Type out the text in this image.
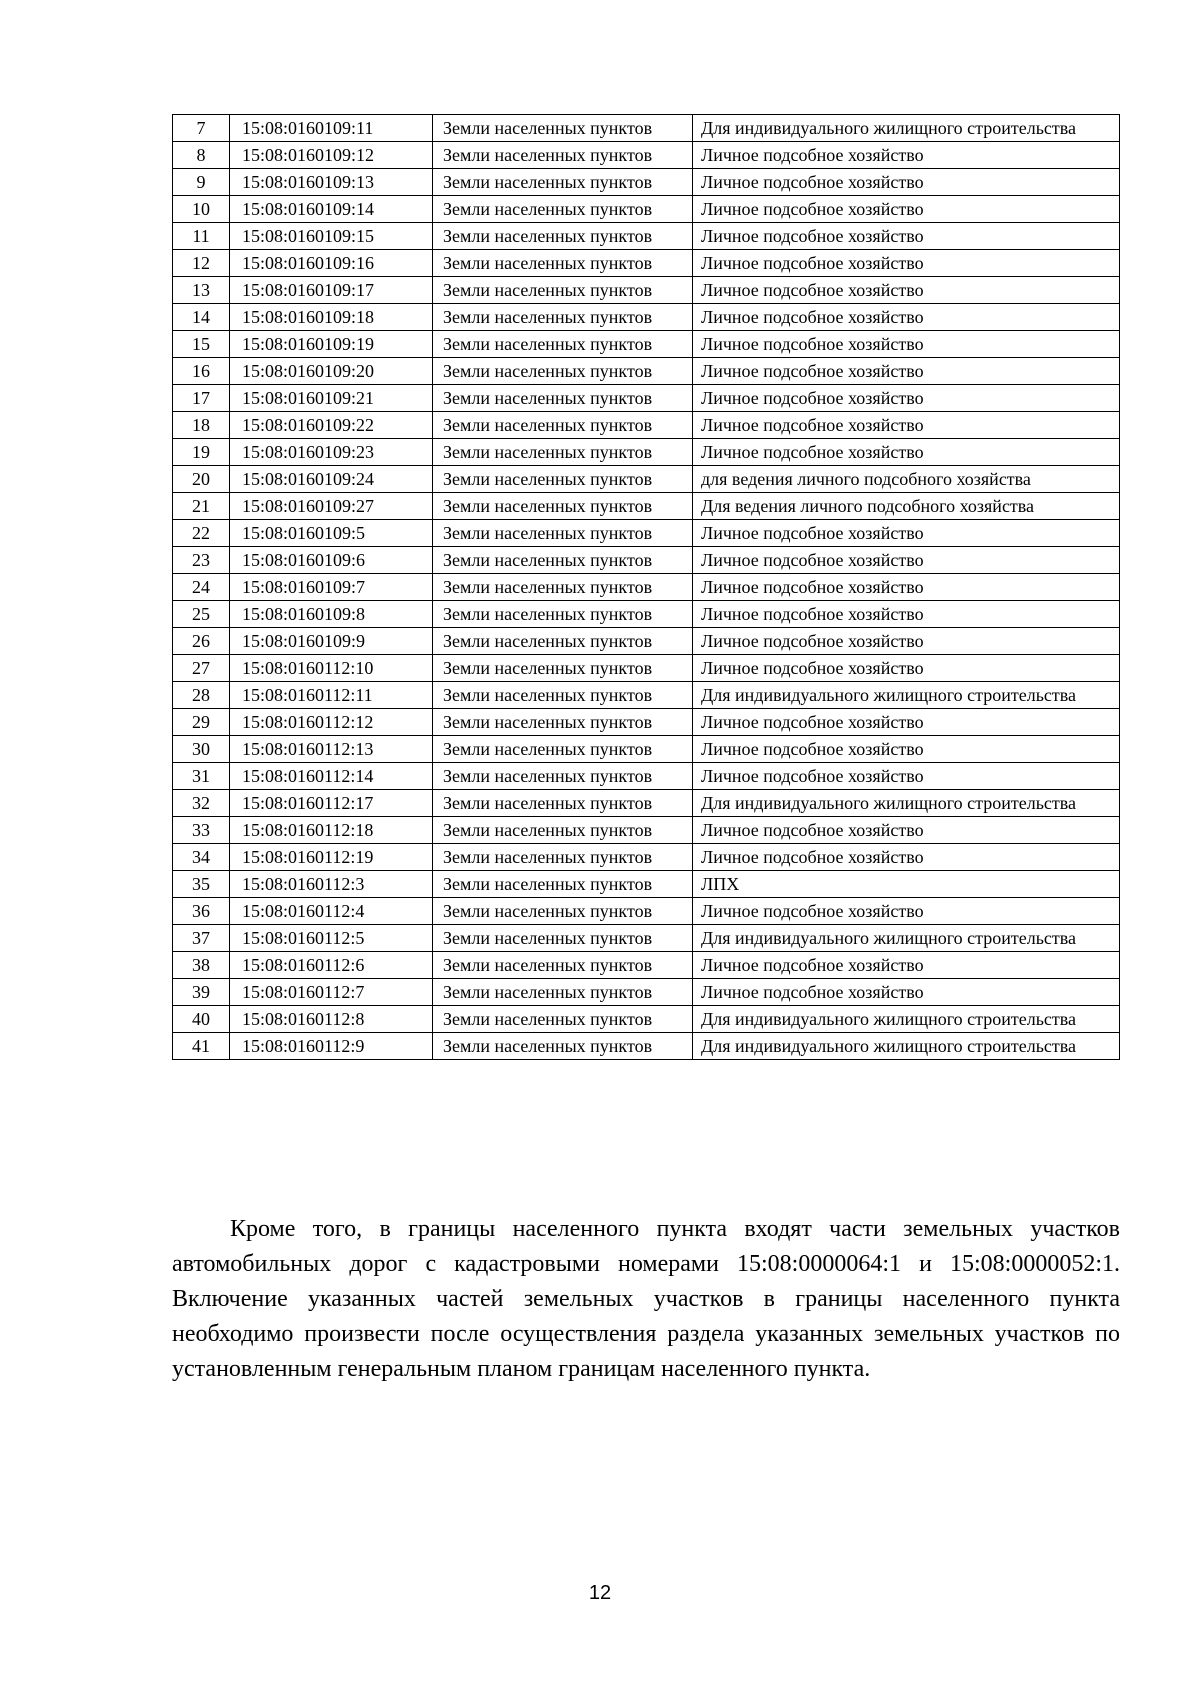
7	15:08:0160109:11	Земли населенных пунктов	Для индивидуального жилищного строительства
8	15:08:0160109:12	Земли населенных пунктов	Личное подсобное хозяйство
9	15:08:0160109:13	Земли населенных пунктов	Личное подсобное хозяйство
10	15:08:0160109:14	Земли населенных пунктов	Личное подсобное хозяйство
11	15:08:0160109:15	Земли населенных пунктов	Личное подсобное хозяйство
12	15:08:0160109:16	Земли населенных пунктов	Личное подсобное хозяйство
13	15:08:0160109:17	Земли населенных пунктов	Личное подсобное хозяйство
14	15:08:0160109:18	Земли населенных пунктов	Личное подсобное хозяйство
15	15:08:0160109:19	Земли населенных пунктов	Личное подсобное хозяйство
16	15:08:0160109:20	Земли населенных пунктов	Личное подсобное хозяйство
17	15:08:0160109:21	Земли населенных пунктов	Личное подсобное хозяйство
18	15:08:0160109:22	Земли населенных пунктов	Личное подсобное хозяйство
19	15:08:0160109:23	Земли населенных пунктов	Личное подсобное хозяйство
20	15:08:0160109:24	Земли населенных пунктов	для ведения личного подсобного хозяйства
21	15:08:0160109:27	Земли населенных пунктов	Для ведения личного подсобного хозяйства
22	15:08:0160109:5	Земли населенных пунктов	Личное подсобное хозяйство
23	15:08:0160109:6	Земли населенных пунктов	Личное подсобное хозяйство
24	15:08:0160109:7	Земли населенных пунктов	Личное подсобное хозяйство
25	15:08:0160109:8	Земли населенных пунктов	Личное подсобное хозяйство
26	15:08:0160109:9	Земли населенных пунктов	Личное подсобное хозяйство
27	15:08:0160112:10	Земли населенных пунктов	Личное подсобное хозяйство
28	15:08:0160112:11	Земли населенных пунктов	Для индивидуального жилищного строительства
29	15:08:0160112:12	Земли населенных пунктов	Личное подсобное хозяйство
30	15:08:0160112:13	Земли населенных пунктов	Личное подсобное хозяйство
31	15:08:0160112:14	Земли населенных пунктов	Личное подсобное хозяйство
32	15:08:0160112:17	Земли населенных пунктов	Для индивидуального жилищного строительства
33	15:08:0160112:18	Земли населенных пунктов	Личное подсобное хозяйство
34	15:08:0160112:19	Земли населенных пунктов	Личное подсобное хозяйство
35	15:08:0160112:3	Земли населенных пунктов	ЛПХ
36	15:08:0160112:4	Земли населенных пунктов	Личное подсобное хозяйство
37	15:08:0160112:5	Земли населенных пунктов	Для индивидуального жилищного строительства
38	15:08:0160112:6	Земли населенных пунктов	Личное подсобное хозяйство
39	15:08:0160112:7	Земли населенных пунктов	Личное подсобное хозяйство
40	15:08:0160112:8	Земли населенных пунктов	Для индивидуального жилищного строительства
41	15:08:0160112:9	Земли населенных пунктов	Для индивидуального жилищного строительства

Кроме того, в границы населенного пункта входят части земельных участков автомобильных дорог с кадастровыми номерами 15:08:0000064:1 и 15:08:0000052:1. Включение указанных частей земельных участков в границы населенного пункта необходимо произвести после осуществления раздела указанных земельных участков по установленным генеральным планом границам населенного пункта.

12
